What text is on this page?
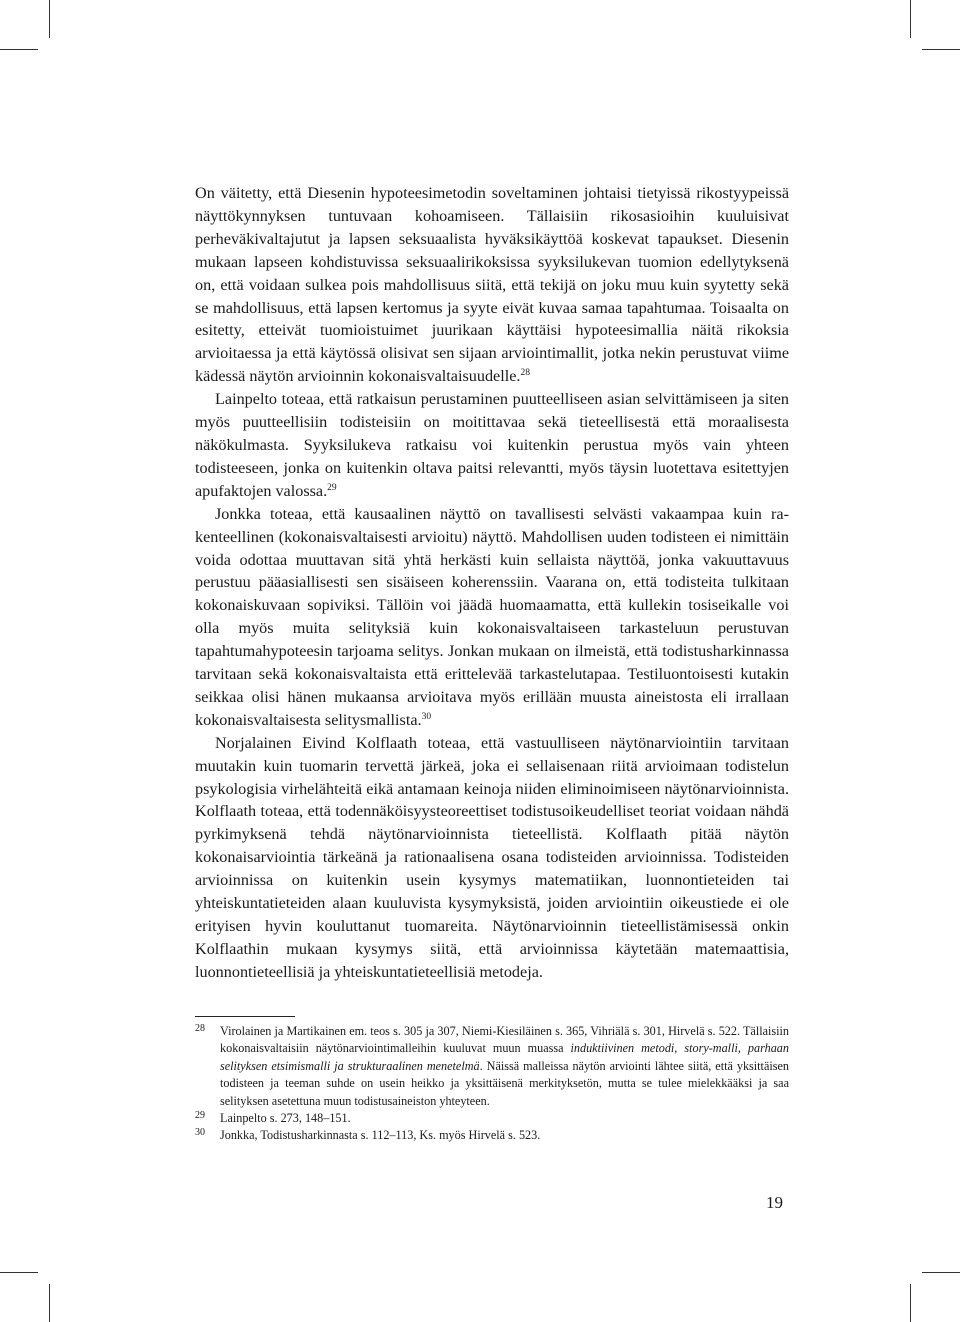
On väitetty, että Diesenin hypoteesimetodin soveltaminen johtaisi tietyissä rikostyypeissä näyttökynnyksen tuntuvaan kohoamiseen. Tällaisiin rikosasioihin kuuluisivat perheväkivaltajutut ja lapsen seksuaalista hyväksikäyttöä koskevat tapaukset. Diesenin mukaan lapseen kohdistuvissa seksuaalirikoksissa syyksilukevan tuomion edellytyksenä on, että voidaan sulkea pois mahdollisuus siitä, että tekijä on joku muu kuin syytetty sekä se mahdollisuus, että lapsen kertomus ja syyte eivät kuvaa samaa tapahtumaa. Toisaalta on esitetty, etteivät tuomioistuimet juurikaan käyttäisi hypoteesimallia näitä rikoksia arvioitaessa ja että käytössä olisivat sen sijaan arviointimallit, jotka nekin perustuvat viime kädessä näytön arvioinnin kokonaisvaltaisuudelle.$^{28}$

Lainpelto toteaa, että ratkaisun perustaminen puutteelliseen asian selvittämiseen ja siten myös puutteellisiin todisteisiin on moitittavaa sekä tieteellisestä että moraalisesta näkökulmasta. Syyksilukeva ratkaisu voi kuitenkin perustua myös vain yhteen todisteeseen, jonka on kuitenkin oltava paitsi relevantti, myös täysin luotettava esitettyjen apufaktojen valossa.$^{29}$

Jonkka toteaa, että kausaalinen näyttö on tavallisesti selvästi vakaampaa kuin rakenteellinen (kokonaisvaltaisesti arvioitu) näyttö. Mahdollisen uuden todisteen ei nimittäin voida odottaa muuttavan sitä yhtä herkästi kuin sellaista näyttöä, jonka vakuuttavuus perustuu pääasiallisesti sen sisäiseen koherenssiin. Vaarana on, että todisteita tulkitaan kokonaiskuvaan sopiviksi. Tällöin voi jäädä huomaamatta, että kullekin tosiseikalle voi olla myös muita selityksiä kuin kokonaisvaltaiseen tarkasteluun perustuvan tapahtumahypoteesin tarjoama selitys. Jonkan mukaan on ilmeistä, että todistusharkinnassa tarvitaan sekä kokonaisvaltaista että erittelevää tarkastelutapaa. Testiluontoisesti kutakin seikkaa olisi hänen mukaansa arvioitava myös erillään muusta aineistosta eli irrallaan kokonaisvaltaisesta selitysmallista.$^{30}$

Norjalainen Eivind Kolflaath toteaa, että vastuulliseen näytönarviointiin tarvitaan muutakin kuin tuomarin tervettä järkeä, joka ei sellaisenaan riitä arvioimaan todistelun psykologisia virhelähteitä eikä antamaan keinoja niiden eliminoimiseen näytönarvioinnista. Kolflaath toteaa, että todennäköisyysteoreettiset todistusoikeudelliset teoriat voidaan nähdä pyrkimyksenä tehdä näytönarvioinnista tieteellistä. Kolflaath pitää näytön kokonaisarviointia tärkeänä ja rationaalisena osana todisteiden arvioinnissa. Todisteiden arvioinnissa on kuitenkin usein kysymys matematiikan, luonnontieteiden tai yhteiskuntatieteiden alaan kuuluvista kysymyksistä, joiden arviointiin oikeustiede ei ole erityisen hyvin kouluttanut tuomareita. Näytönarvioinnin tieteellistämisessä onkin Kolflaathin mukaan kysymys siitä, että arvioinnissa käytetään matemaattisia, luonnontieteellisiä ja yhteiskuntatieteellisiä metodeja.

28 Virolainen ja Martikainen em. teos s. 305 ja 307, Niemi-Kiesiläinen s. 365, Vihriälä s. 301, Hirvelä s. 522. Tällaisiin kokonaisvaltaisiin näytönarviointimalleihin kuuluvat muun muassa induktiivinen metodi, story-malli, parhaan selityksen etsimismalli ja strukturaalinen menetelmä. Näissä malleissa näytön arviointi lähtee siitä, että yksittäisen todisteen ja teeman suhde on usein heikko ja yksittäisenä merkityksetön, mutta se tulee mielekkääksi ja saa selityksen asetettuna muun todistusaineiston yhteyteen.

29 Lainpelto s. 273, 148–151.

30 Jonkka, Todistusharkinnasta s. 112–113, Ks. myös Hirvelä s. 523.

19
